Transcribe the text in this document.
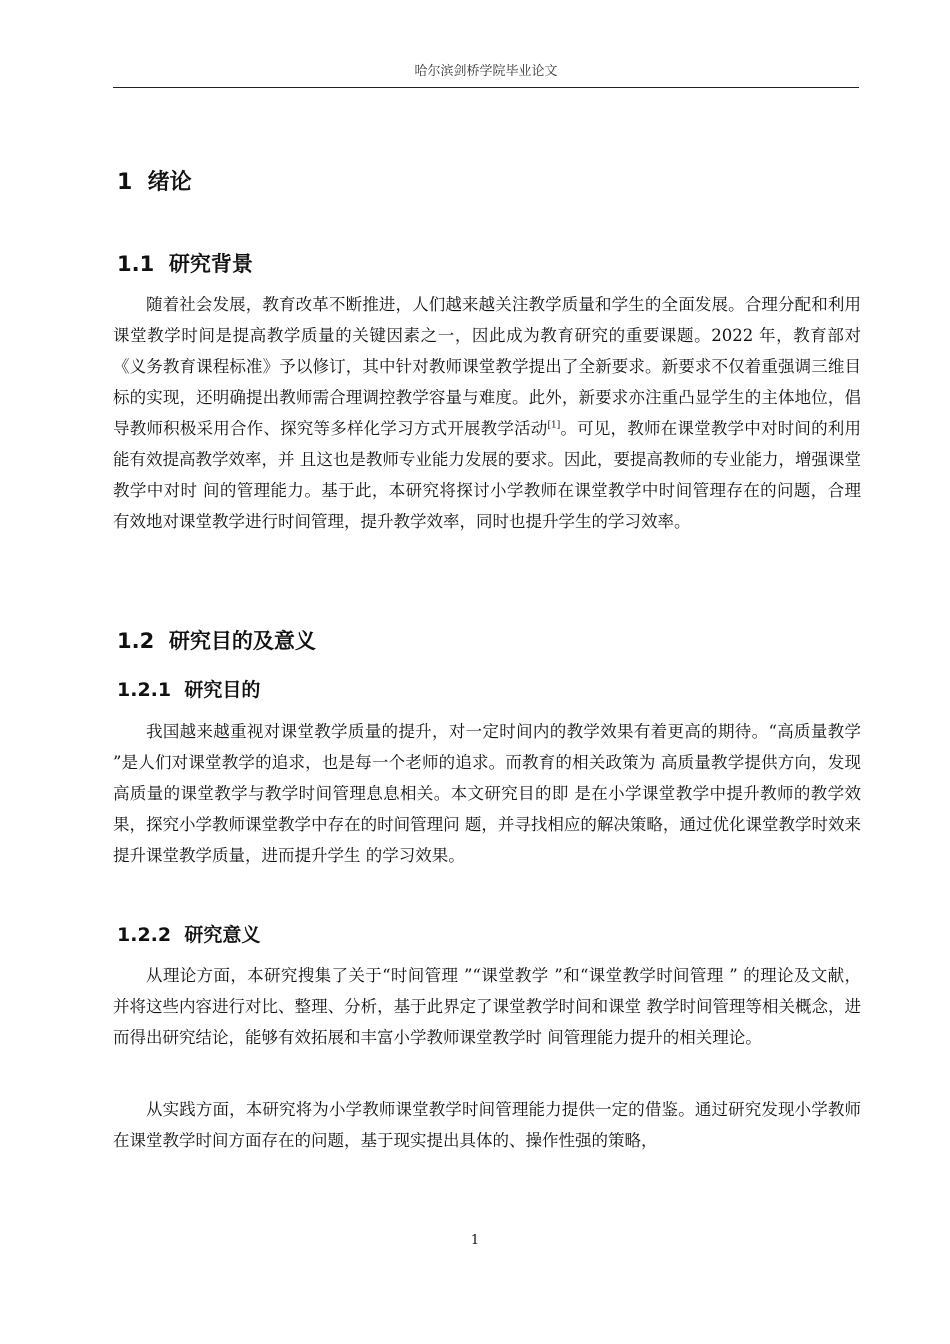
哈尔滨剑桥学院毕业论文
1 绪论
1.1 研究背景

随着社会发展，教育改革不断推进，人们越来越关注教学质量和学生的全面发展。合理分配和利用课堂教学时间是提高教学质量的关键因素之一，因此成为教育研究的重要课题。2022 年，教育部对《义务教育课程标准》予以修订，其中针对教师课堂教学提出了全新要求。新要求不仅着重强调三维目标的实现，还明确提出教师需合理调控教学容量与难度。此外，新要求亦注重凸显学生的主体地位，倡导教师积极采用合作、探究等多样化学习方式开展教学活动[1]。可见，教师在课堂教学中对时间的利用能有效提高教学效率，并 且这也是教师专业能力发展的要求。因此，要提高教师的专业能力，增强课堂教学中对时 间的管理能力。基于此，本研究将探讨小学教师在课堂教学中时间管理存在的问题，合理 有效地对课堂教学进行时间管理，提升教学效率，同时也提升学生的学习效率。

1.2 研究目的及意义
1.2.1 研究目的

我国越来越重视对课堂教学质量的提升，对一定时间内的教学效果有着更高的期待。“高质量教学 ”是人们对课堂教学的追求，也是每一个老师的追求。而教育的相关政策为 高质量教学提供方向，发现高质量的课堂教学与教学时间管理息息相关。本文研究目的即 是在小学课堂教学中提升教师的教学效果，探究小学教师课堂教学中存在的时间管理问 题，并寻找相应的解决策略，通过优化课堂教学时效来提升课堂教学质量，进而提升学生 的学习效果。

1.2.2 研究意义

从理论方面，本研究搜集了关于“时间管理 ”“课堂教学 ”和“课堂教学时间管理 ” 的理论及文献，并将这些内容进行对比、整理、分析，基于此界定了课堂教学时间和课堂 教学时间管理等相关概念，进而得出研究结论，能够有效拓展和丰富小学教师课堂教学时 间管理能力提升的相关理论。

从实践方面，本研究将为小学教师课堂教学时间管理能力提供一定的借鉴。通过研究发现小学教师在课堂教学时间方面存在的问题，基于现实提出具体的、操作性强的策略，

1
